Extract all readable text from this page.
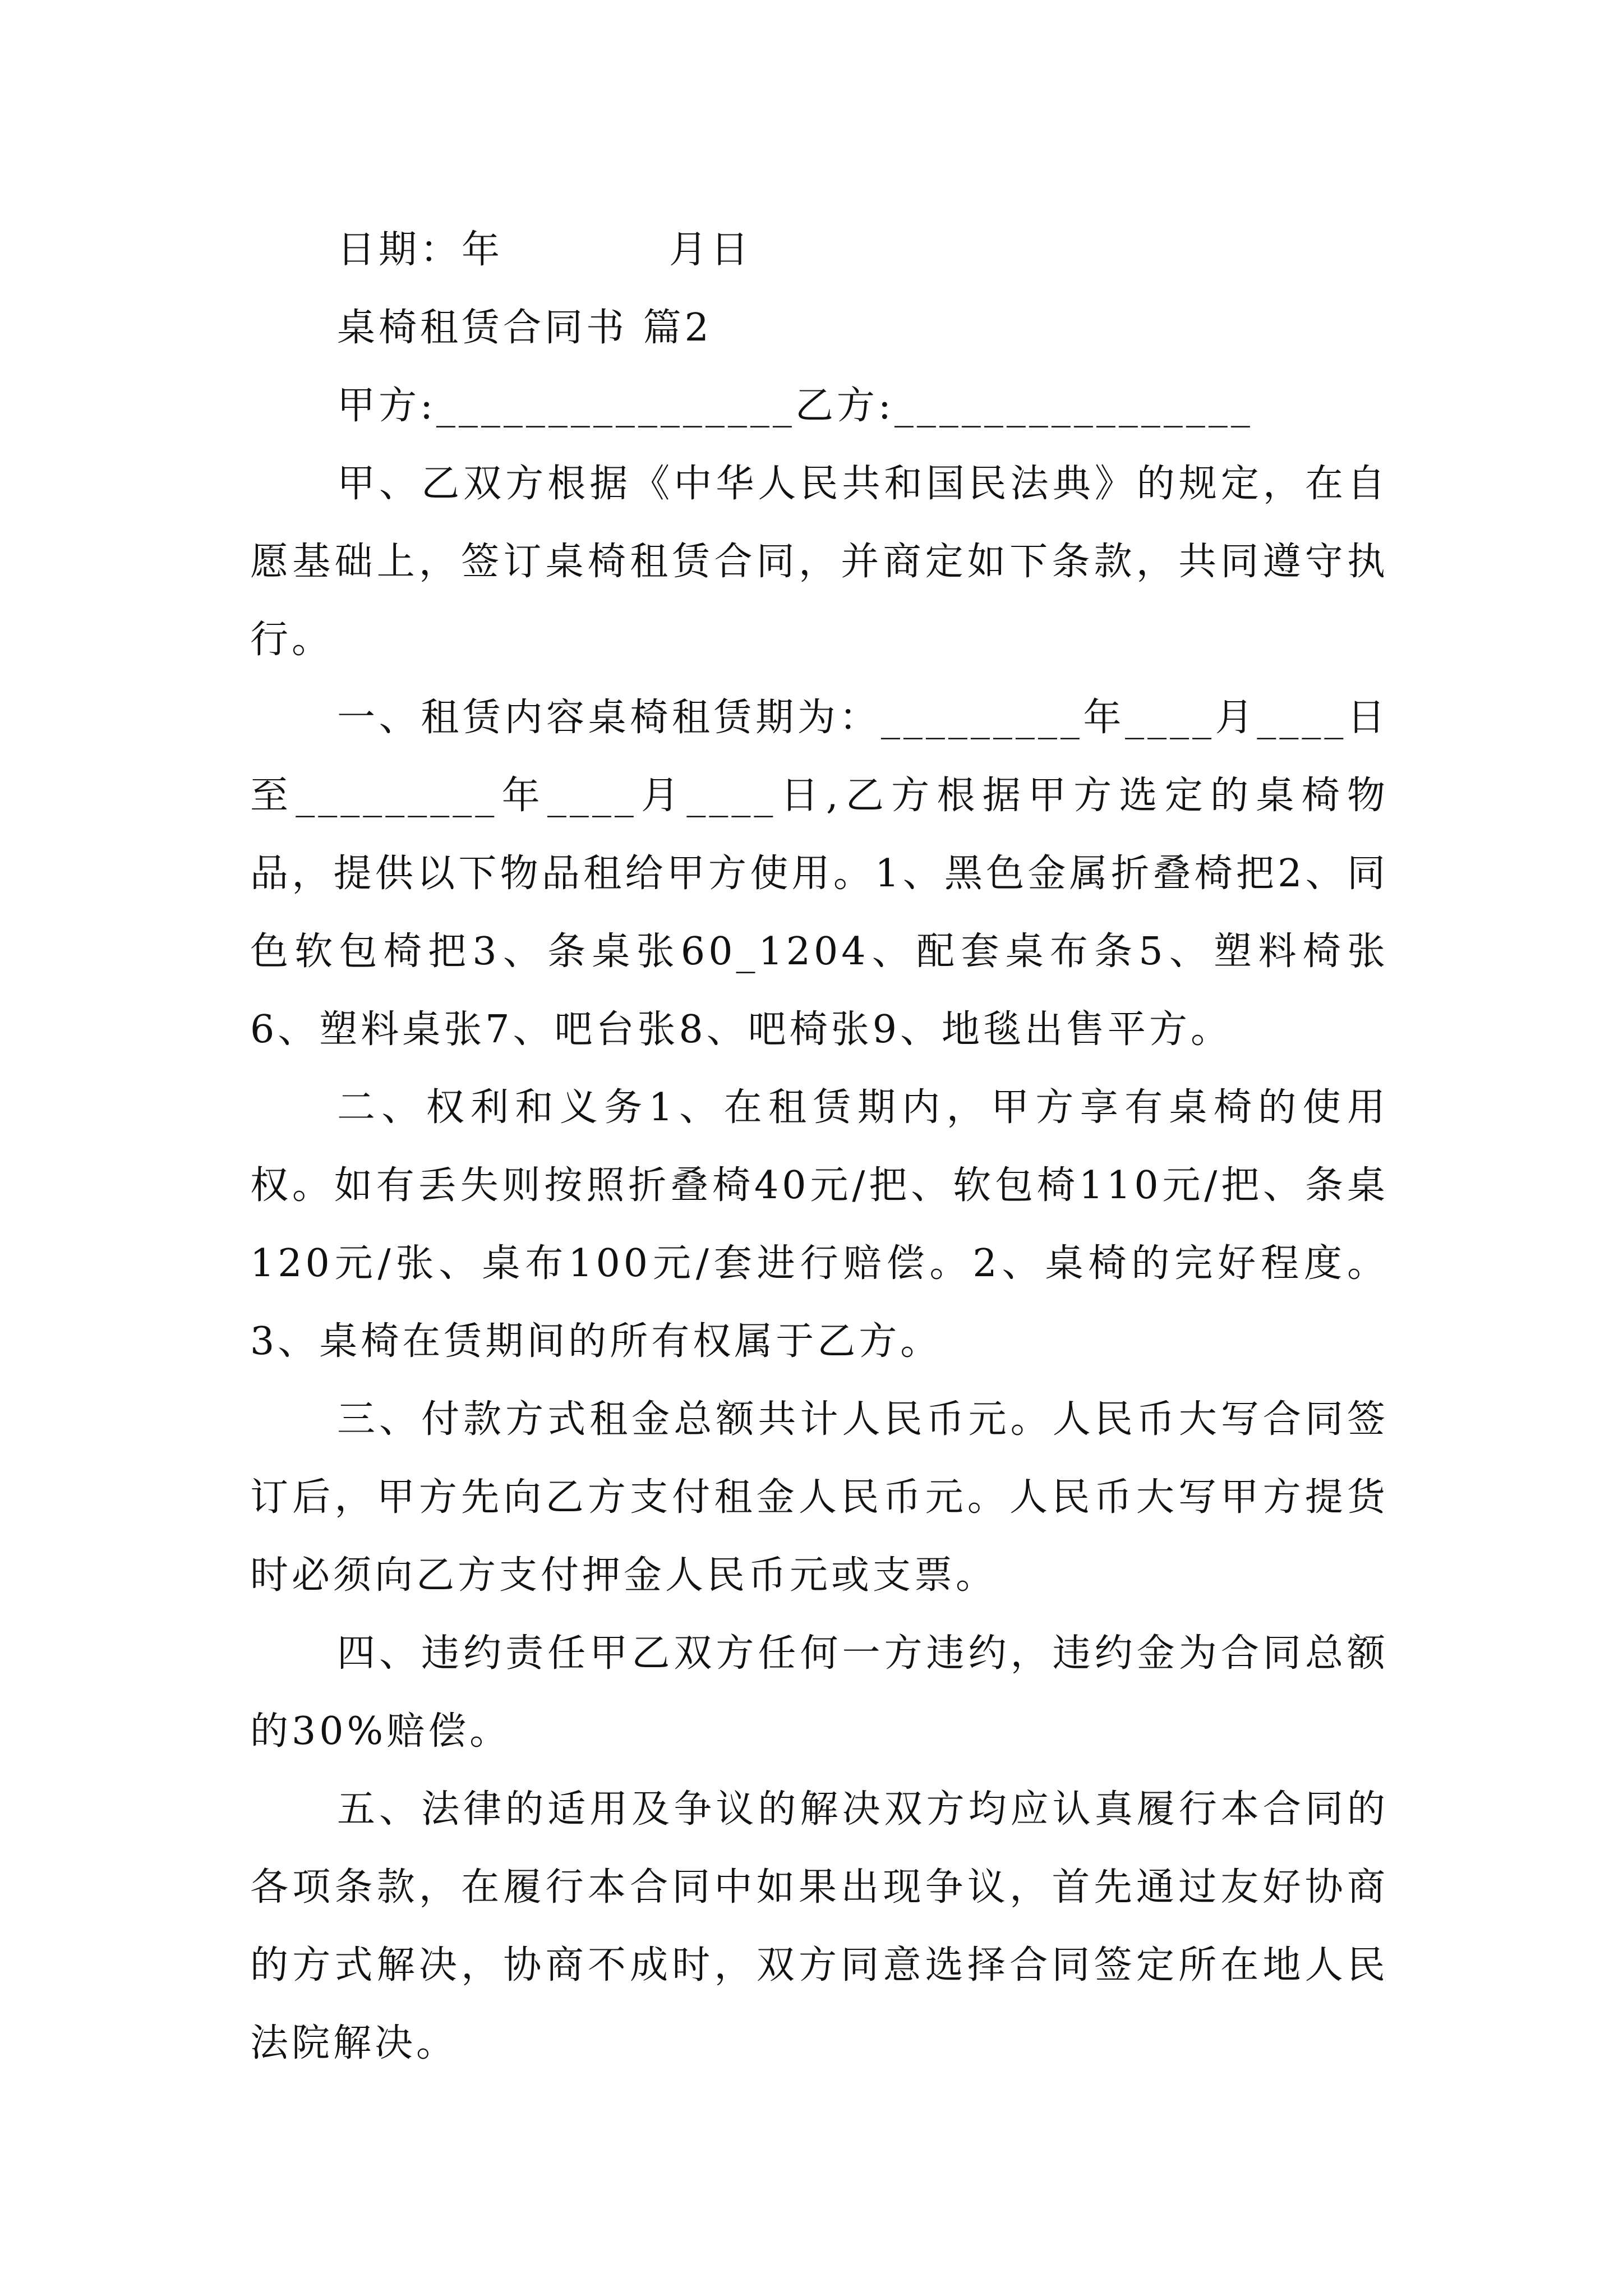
日期：年　　　　月日

桌椅租赁合同书 篇2

甲方:________________乙方:________________

甲、乙双方根据《中华人民共和国民法典》的规定，在自愿基础上，签订桌椅租赁合同，并商定如下条款，共同遵守执行。

一、租赁内容桌椅租赁期为：_________年____月____日至_________年____月____日,乙方根据甲方选定的桌椅物品，提供以下物品租给甲方使用。1、黑色金属折叠椅把2、同色软包椅把3、条桌张60_1204、配套桌布条5、塑料椅张6、塑料桌张7、吧台张8、吧椅张9、地毯出售平方。

二、权利和义务1、在租赁期内，甲方享有桌椅的使用权。如有丢失则按照折叠椅40元/把、软包椅110元/把、条桌120元/张、桌布100元/套进行赔偿。2、桌椅的完好程度。3、桌椅在赁期间的所有权属于乙方。

三、付款方式租金总额共计人民币元。人民币大写合同签订后，甲方先向乙方支付租金人民币元。人民币大写甲方提货时必须向乙方支付押金人民币元或支票。

四、违约责任甲乙双方任何一方违约，违约金为合同总额的30%赔偿。

五、法律的适用及争议的解决双方均应认真履行本合同的各项条款，在履行本合同中如果出现争议，首先通过友好协商的方式解决，协商不成时，双方同意选择合同签定所在地人民法院解决。
